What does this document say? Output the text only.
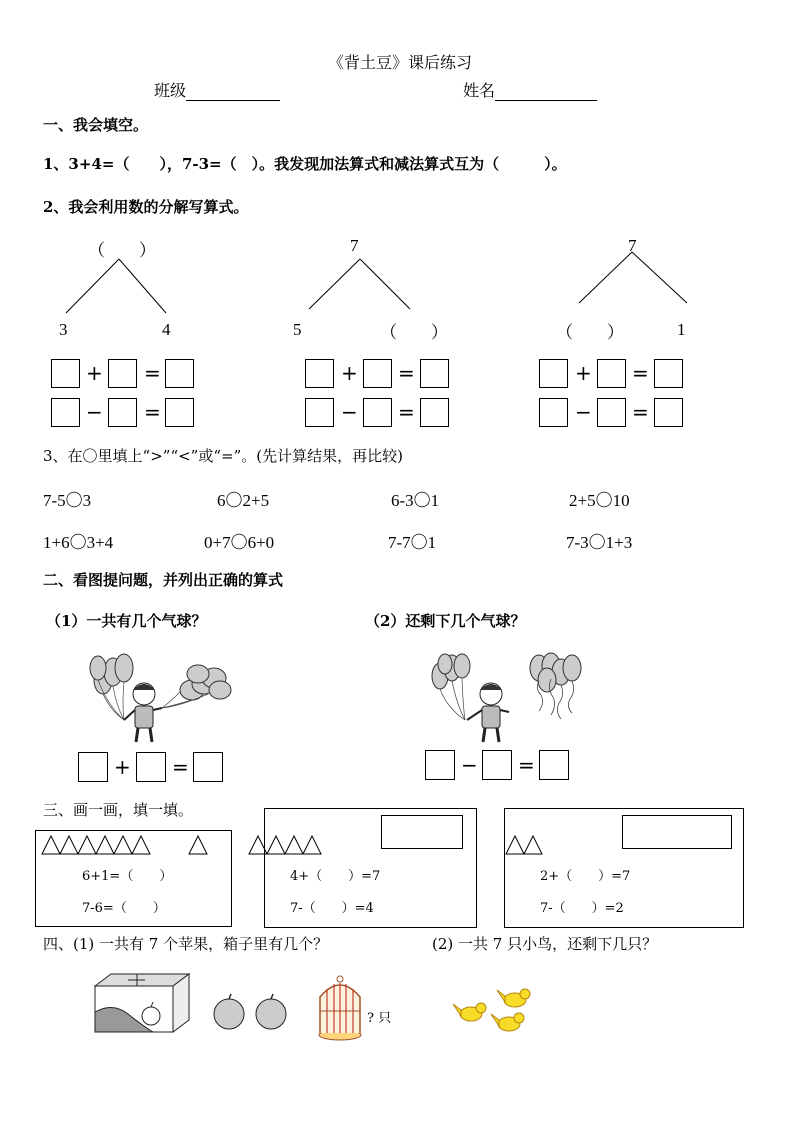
《背土豆》课后练习
班级	姓名
一、我会填空。
1、3+4=（　　），7-3=（　）。我发现加法算式和减法算式互为（　　　）。
2、我会利用数的分解写算式。
（　　）
3	4
7
5	（　　）
7
（　　）	1
+ =
− =
+ =
− =
+ =
− =
3、在〇里填上“>”“<”或“=”。(先计算结果，再比较)
7-5〇3	6〇2+5	6-3〇1	2+5〇10
1+6〇3+4	0+7〇6+0	7-7〇1	7-3〇1+3
二、看图提问题，并列出正确的算式
（1）一共有几个气球？	（2）还剩下几个气球？
+ =	− =
三、画一画，填一填。
6+1=（　　）
7-6=（　　）
4+（　　）=7
7-（　　）=4
2+（　　）=7
7-（　　）=2
四、(1) 一共有 7 个苹果，箱子里有几个？	(2) 一共 7 只小鸟，还剩下几只？
? 只
